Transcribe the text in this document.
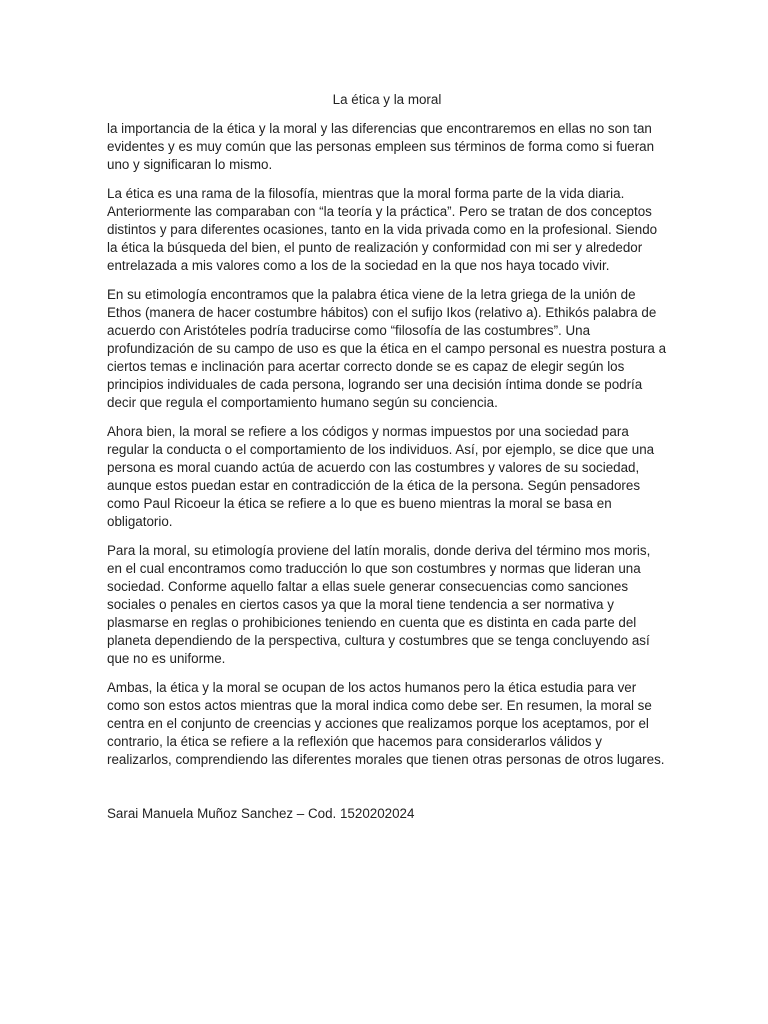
La ética y la moral

la importancia de la ética y la moral y las diferencias que encontraremos en ellas no son tan evidentes y es muy común que las personas empleen sus términos de forma como si fueran uno y significaran lo mismo.

La ética es una rama de la filosofía, mientras que la moral forma parte de la vida diaria. Anteriormente las comparaban con “la teoría y la práctica”. Pero se tratan de dos conceptos distintos y para diferentes ocasiones, tanto en la vida privada como en la profesional. Siendo la ética la búsqueda del bien, el punto de realización y conformidad con mi ser y alrededor entrelazada a mis valores como a los de la sociedad en la que nos haya tocado vivir.

En su etimología encontramos que la palabra ética viene de la letra griega de la unión de Ethos (manera de hacer costumbre hábitos) con el sufijo Ikos (relativo a). Ethikós palabra de acuerdo con Aristóteles podría traducirse como “filosofía de las costumbres”. Una profundización de su campo de uso es que la ética en el campo personal es nuestra postura a ciertos temas e inclinación para acertar correcto donde se es capaz de elegir según los principios individuales de cada persona, logrando ser una decisión íntima donde se podría decir que regula el comportamiento humano según su conciencia.

Ahora bien, la moral se refiere a los códigos y normas impuestos por una sociedad para regular la conducta o el comportamiento de los individuos. Así, por ejemplo, se dice que una persona es moral cuando actúa de acuerdo con las costumbres y valores de su sociedad, aunque estos puedan estar en contradicción de la ética de la persona. Según pensadores como Paul Ricoeur la ética se refiere a lo que es bueno mientras la moral se basa en obligatorio.

Para la moral, su etimología proviene del latín moralis, donde deriva del término mos moris, en el cual encontramos como traducción lo que son costumbres y normas que lideran una sociedad. Conforme aquello faltar a ellas suele generar consecuencias como sanciones sociales o penales en ciertos casos ya que la moral tiene tendencia a ser normativa y plasmarse en reglas o prohibiciones teniendo en cuenta que es distinta en cada parte del planeta dependiendo de la perspectiva, cultura y costumbres que se tenga concluyendo así que no es uniforme.

Ambas, la ética y la moral se ocupan de los actos humanos pero la ética estudia para ver como son estos actos mientras que la moral indica como debe ser. En resumen, la moral se centra en el conjunto de creencias y acciones que realizamos porque los aceptamos, por el contrario, la ética se refiere a la reflexión que hacemos para considerarlos válidos y realizarlos, comprendiendo las diferentes morales que tienen otras personas de otros lugares.

Sarai Manuela Muñoz Sanchez – Cod. 1520202024
